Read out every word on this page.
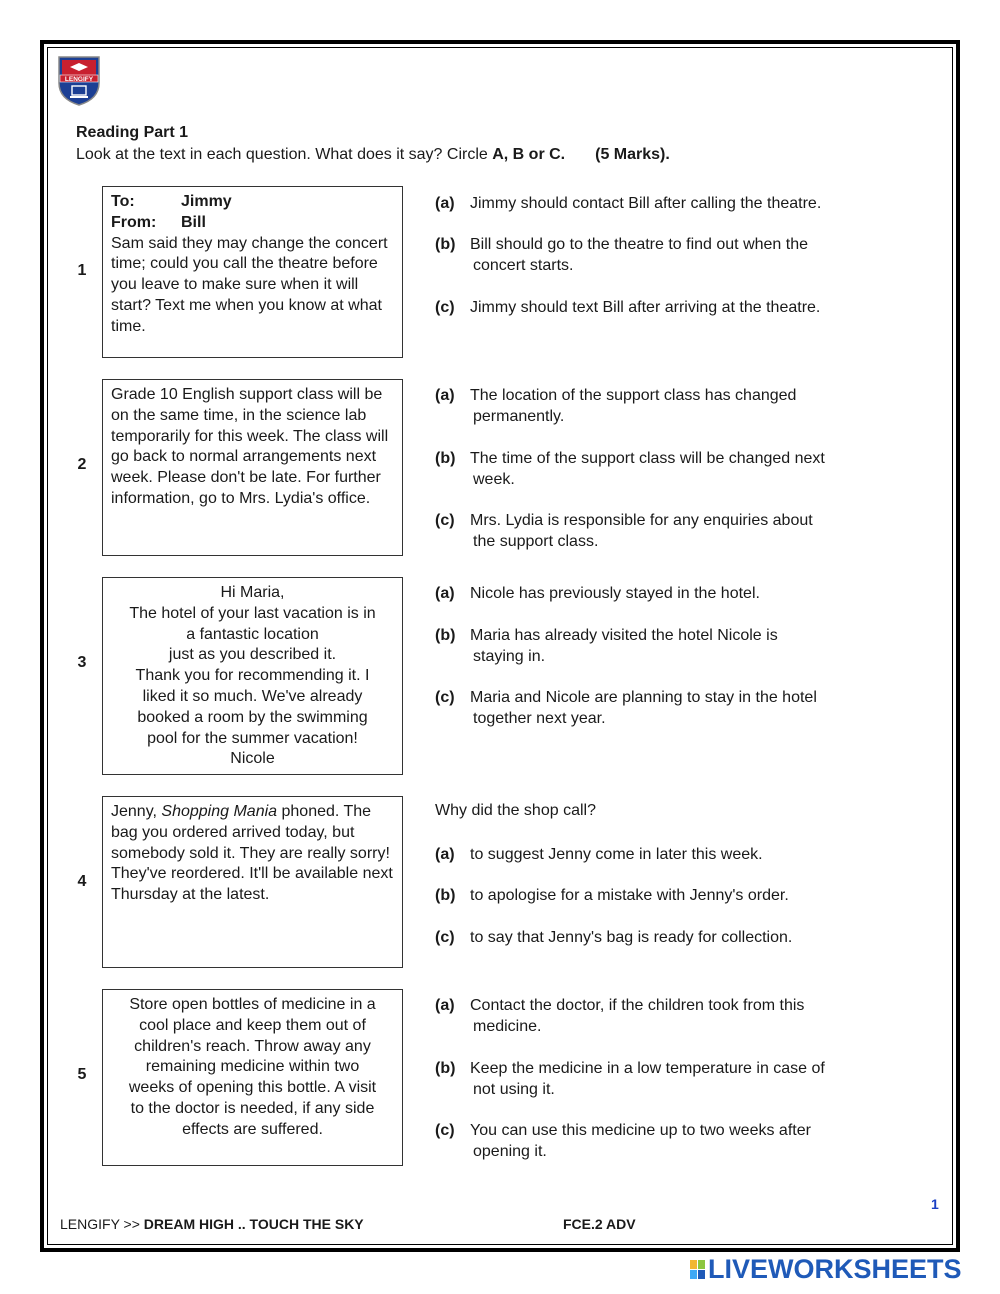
LENGIFY
Reading Part 1
Look at the text in each question. What does it say? Circle A, B or C. (5 Marks).
1
To:	Jimmy
From:	Bill

Sam said they may change the concert time; could you call the theatre before you leave to make sure when it will start? Text me when you know at what time.

(a) Jimmy should contact Bill after calling the theatre.
(b) Bill should go to the theatre to find out when the
concert starts.
(c) Jimmy should text Bill after arriving at the theatre.
2

Grade 10 English support class will be on the same time, in the science lab temporarily for this week. The class will go back to normal arrangements next week. Please don't be late. For further information, go to Mrs. Lydia's office.

(a) The location of the support class has changed
permanently.
(b) The time of the support class will be changed next
week.
(c) Mrs. Lydia is responsible for any enquiries about
the support class.
3
Hi Maria,
The hotel of your last vacation is in
a fantastic location
just as you described it.
Thank you for recommending it. I
liked it so much. We've already
booked a room by the swimming
pool for the summer vacation!
Nicole
(a) Nicole has previously stayed in the hotel.
(b) Maria has already visited the hotel Nicole is
staying in.
(c) Maria and Nicole are planning to stay in the hotel
together next year.
4

Jenny, Shopping Mania phoned. The bag you ordered arrived today, but somebody sold it. They are really sorry! They've reordered. It'll be available next Thursday at the latest.

Why did the shop call?
(a) to suggest Jenny come in later this week.
(b) to apologise for a mistake with Jenny's order.
(c) to say that Jenny's bag is ready for collection.
5
Store open bottles of medicine in a
cool place and keep them out of
children's reach. Throw away any
remaining medicine within two
weeks of opening this bottle. A visit
to the doctor is needed, if any side
effects are suffered.
(a) Contact the doctor, if the children took from this
medicine.
(b) Keep the medicine in a low temperature in case of
not using it.
(c) You can use this medicine up to two weeks after
opening it.
1
LENGIFY >> DREAM HIGH .. TOUCH THE SKY	FCE.2 ADV
LIVEWORKSHEETS
